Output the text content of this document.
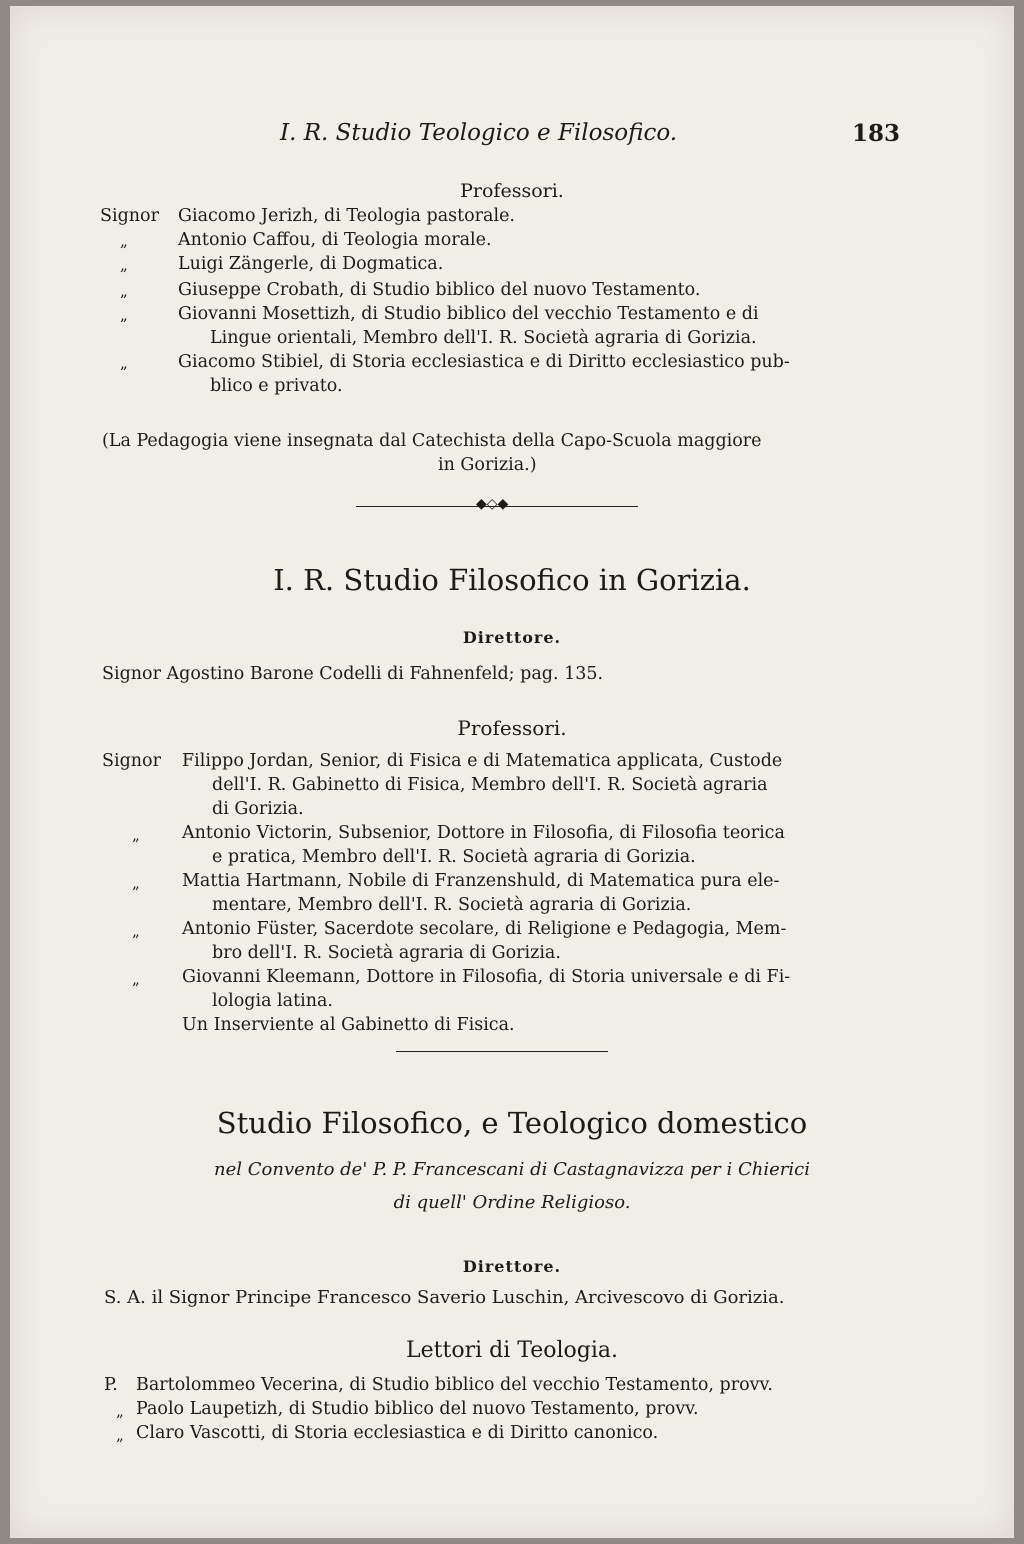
I. R. Studio Teologico e Filosofico.	183
Professori.
Signor Giacomo Jerizh, di Teologia pastorale.
„	Antonio Caffou, di Teologia morale.
„	Luigi Zängerle, di Dogmatica.
„	Giuseppe Crobath, di Studio biblico del nuovo Testamento.
„	Giovanni Mosettizh, di Studio biblico del vecchio Testamento e di
Lingue orientali, Membro dell'I. R. Società agraria di Gorizia.
„	Giacomo Stibiel, di Storia ecclesiastica e di Diritto ecclesiastico pub-
blico e privato.
(La Pedagogia viene insegnata dal Catechista della Capo-Scuola maggiore
in Gorizia.)
◆◇◆
I. R. Studio Filosofico in Gorizia.
Direttore.
Signor Agostino Barone Codelli di Fahnenfeld; pag. 135.
Professori.
Signor Filippo Jordan, Senior, di Fisica e di Matematica applicata, Custode
dell'I. R. Gabinetto di Fisica, Membro dell'I. R. Società agraria
di Gorizia.
„ Antonio Victorin, Subsenior, Dottore in Filosofia, di Filosofia teorica
e pratica, Membro dell'I. R. Società agraria di Gorizia.
„ Mattia Hartmann, Nobile di Franzenshuld, di Matematica pura ele-
mentare, Membro dell'I. R. Società agraria di Gorizia.
„ Antonio Füster, Sacerdote secolare, di Religione e Pedagogia, Mem-
bro dell'I. R. Società agraria di Gorizia.
„ Giovanni Kleemann, Dottore in Filosofia, di Storia universale e di Fi-
lologia latina.
Un Inserviente al Gabinetto di Fisica.
Studio Filosofico, e Teologico domestico
nel Convento de' P. P. Francescani di Castagnavizza per i Chierici
di quell' Ordine Religioso.
Direttore.
S. A. il Signor Principe Francesco Saverio Luschin, Arcivescovo di Gorizia.
Lettori di Teologia.
P. Bartolommeo Vecerina, di Studio biblico del vecchio Testamento, provv.
„ Paolo Laupetizh, di Studio biblico del nuovo Testamento, provv.
„ Claro Vascotti, di Storia ecclesiastica e di Diritto canonico.
